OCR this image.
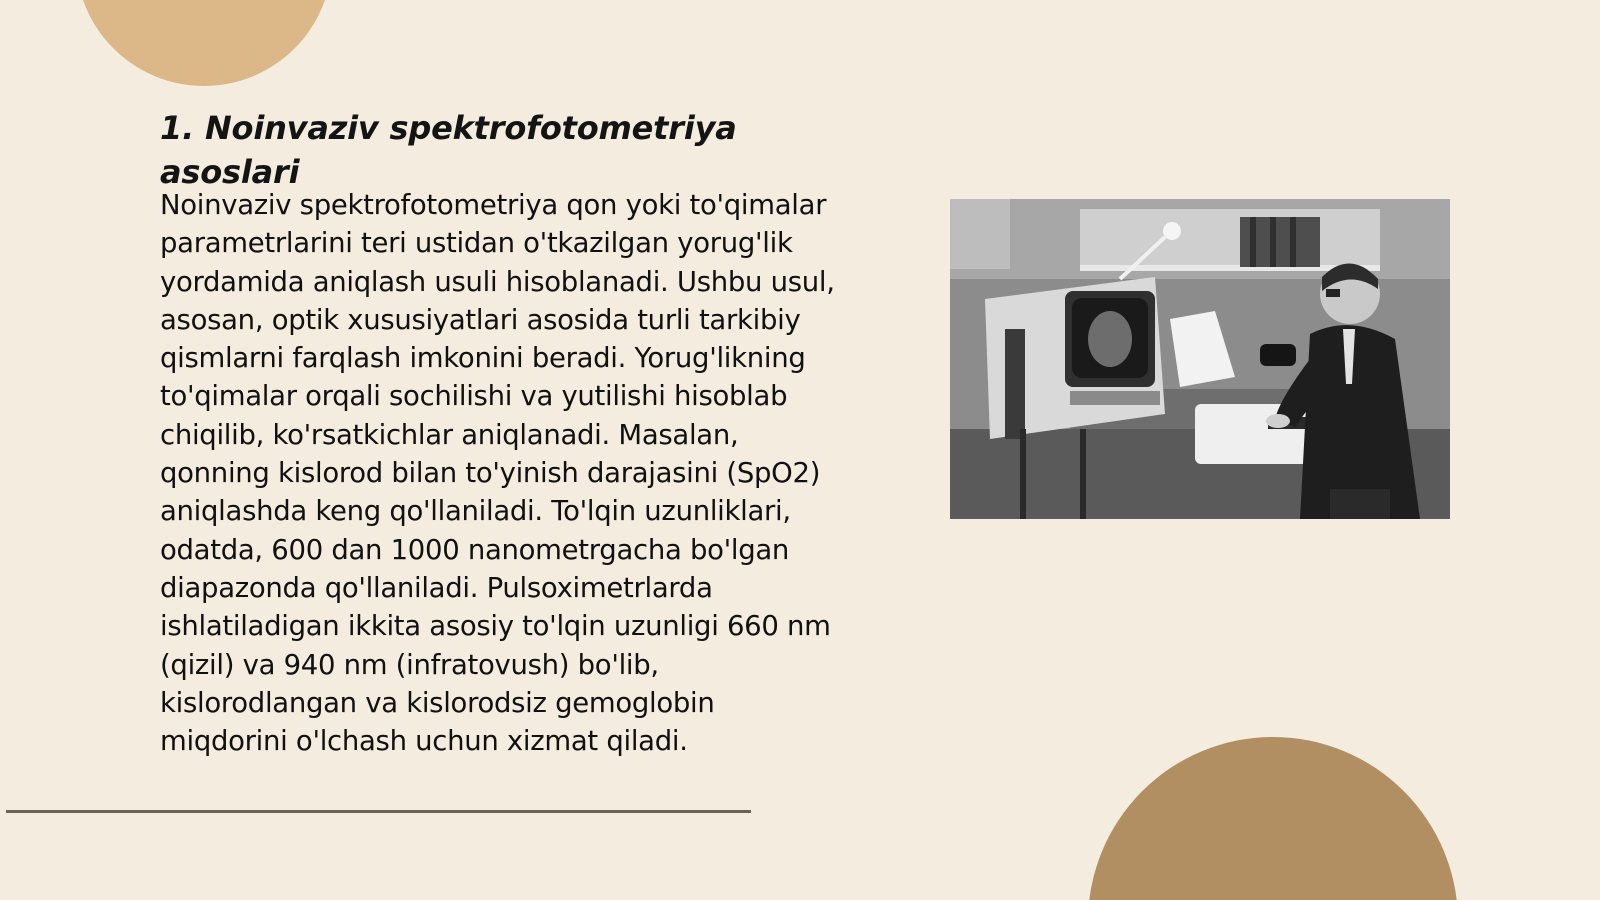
1. Noinvaziv spektrofotometriya asoslari

Noinvaziv spektrofotometriya qon yoki to'qimalar parametrlarini teri ustidan o'tkazilgan yorug'lik yordamida aniqlash usuli hisoblanadi. Ushbu usul, asosan, optik xususiyatlari asosida turli tarkibiy qismlarni farqlash imkonini beradi. Yorug'likning to'qimalar orqali sochilishi va yutilishi hisoblab chiqilib, ko'rsatkichlar aniqlanadi. Masalan, qonning kislorod bilan to'yinish darajasini (SpO2) aniqlashda keng qo'llaniladi. To'lqin uzunliklari, odatda, 600 dan 1000 nanometrgacha bo'lgan diapazonda qo'llaniladi. Pulsoximetrlarda ishlatiladigan ikkita asosiy to'lqin uzunligi 660 nm (qizil) va 940 nm (infratovush) bo'lib, kislorodlangan va kislorodsiz gemoglobin miqdorini o'lchash uchun xizmat qiladi.
